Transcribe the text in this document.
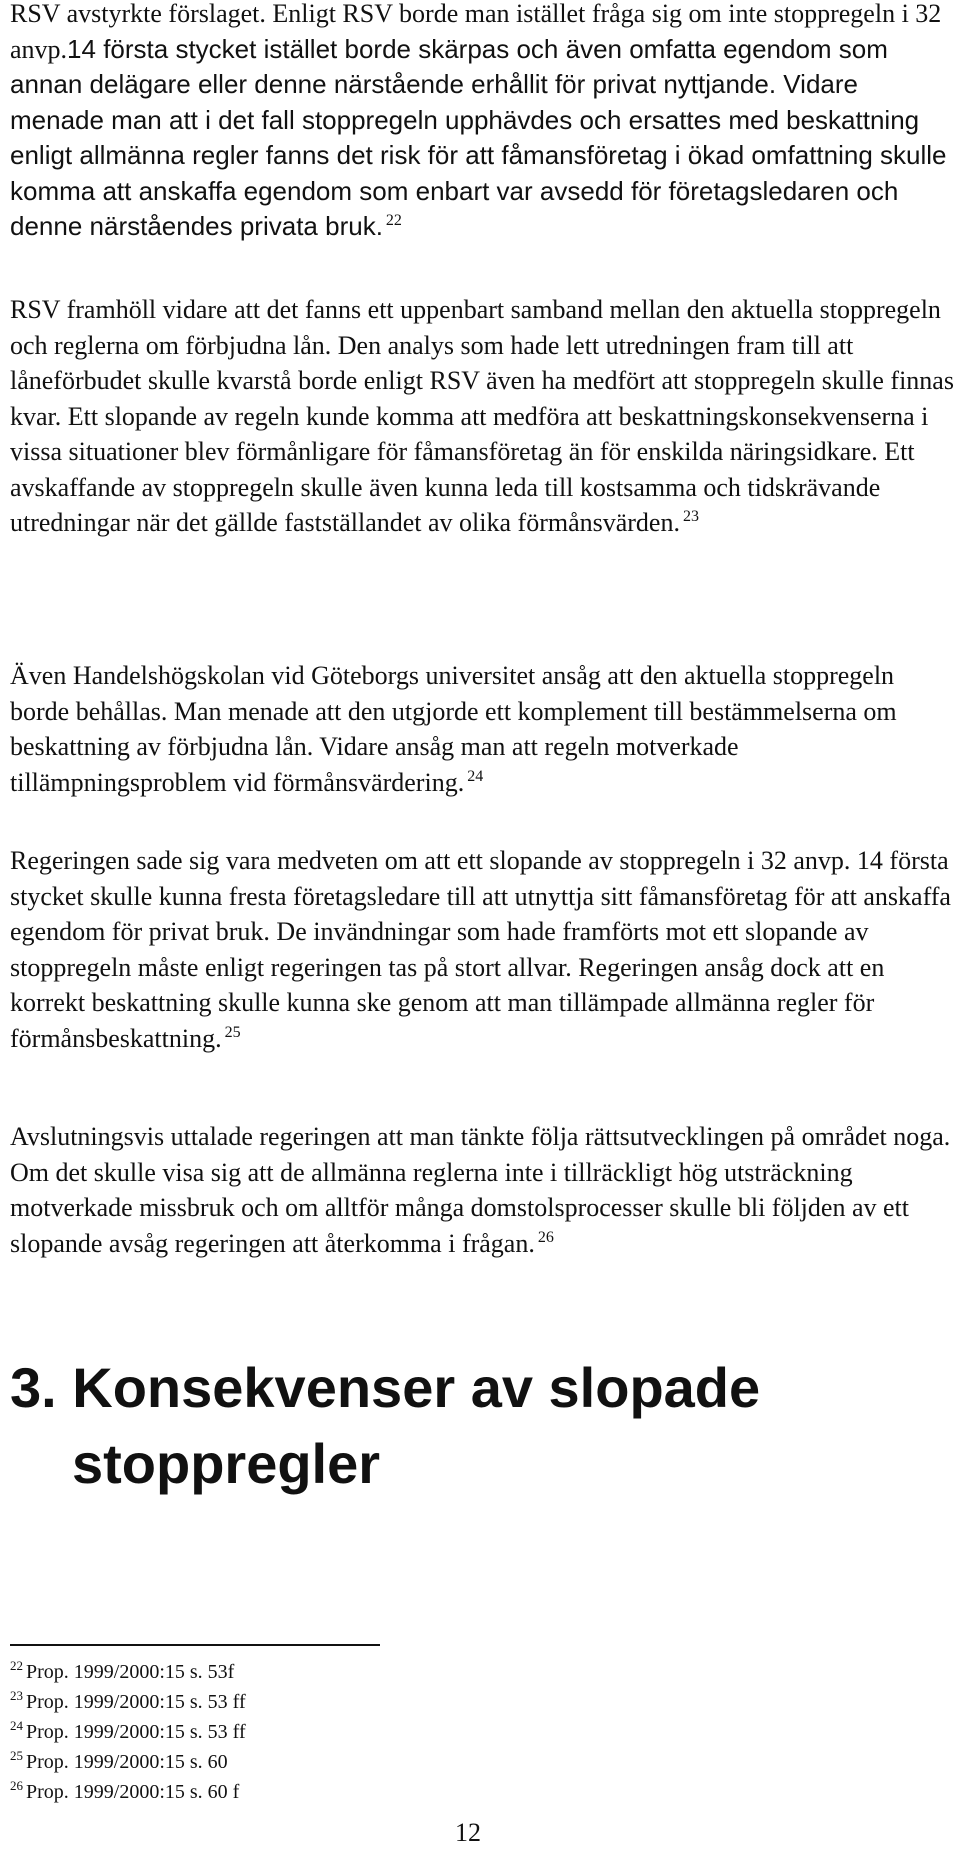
RSV avstyrkte förslaget. Enligt RSV borde man istället fråga sig om inte stoppregeln i 32 anvp.14 första stycket istället borde skärpas och även omfatta egendom som annan delägare eller denne närstående erhållit för privat nyttjande. Vidare menade man att i det fall stoppregeln upphävdes och ersattes med beskattning enligt allmänna regler fanns det risk för att fåmansföretag i ökad omfattning skulle komma att anskaffa egendom som enbart var avsedd för företagsledaren och denne närståendes privata bruk. $^{22}$

RSV framhöll vidare att det fanns ett uppenbart samband mellan den aktuella stoppregeln och reglerna om förbjudna lån. Den analys som hade lett utredningen fram till att låneförbudet skulle kvarstå borde enligt RSV även ha medfört att stoppregeln skulle finnas kvar. Ett slopande av regeln kunde komma att medföra att beskattningskonsekvenserna i vissa situationer blev förmånligare för fåmansföretag än för enskilda näringsidkare. Ett avskaffande av stoppregeln skulle även kunna leda till kostsamma och tidskrävande utredningar när det gällde fastställandet av olika förmånsvärden. $^{23}$

Även Handelshögskolan vid Göteborgs universitet ansåg att den aktuella stoppregeln borde behållas. Man menade att den utgjorde ett komplement till bestämmelserna om beskattning av förbjudna lån. Vidare ansåg man att regeln motverkade tillämpningsproblem vid förmånsvärdering. $^{24}$

Regeringen sade sig vara medveten om att ett slopande av stoppregeln i 32 anvp. 14 första stycket skulle kunna fresta företagsledare till att utnyttja sitt fåmansföretag för att anskaffa egendom för privat bruk. De invändningar som hade framförts mot ett slopande av stoppregeln måste enligt regeringen tas på stort allvar. Regeringen ansåg dock att en korrekt beskattning skulle kunna ske genom att man tillämpade allmänna regler för förmånsbeskattning. $^{25}$

Avslutningsvis uttalade regeringen att man tänkte följa rättsutvecklingen på området noga. Om det skulle visa sig att de allmänna reglerna inte i tillräckligt hög utsträckning motverkade missbruk och om alltför många domstolsprocesser skulle bli följden av ett slopande avsåg regeringen att återkomma i frågan. $^{26}$

3. Konsekvenser av slopade
stoppregler
$^{22}$ Prop. 1999/2000:15 s. 53f
$^{23}$ Prop. 1999/2000:15 s. 53 ff
$^{24}$ Prop. 1999/2000:15 s. 53 ff
$^{25}$ Prop. 1999/2000:15 s. 60
$^{26}$ Prop. 1999/2000:15 s. 60 f
12
